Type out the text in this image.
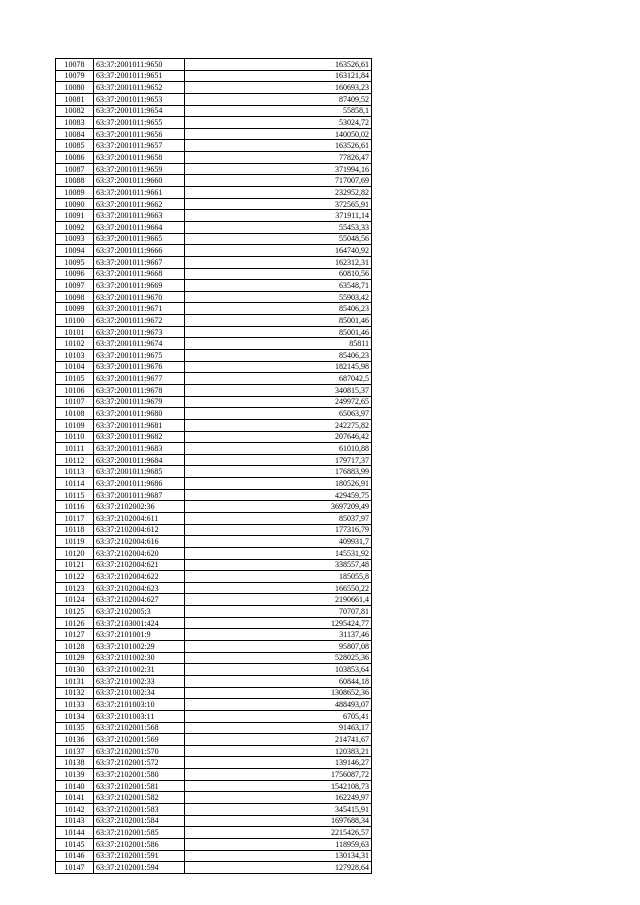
10078	63:37:2001011:9650	163526,61
10079	63:37:2001011:9651	163121,84
10080	63:37:2001011:9652	160693,23
10081	63:37:2001011:9653	87409,52
10082	63:37:2001011:9654	55858,1
10083	63:37:2001011:9655	53024,72
10084	63:37:2001011:9656	140050,02
10085	63:37:2001011:9657	163526,61
10086	63:37:2001011:9658	77826,47
10087	63:37:2001011:9659	371994,16
10088	63:37:2001011:9660	717007,69
10089	63:37:2001011:9661	232952,82
10090	63:37:2001011:9662	372565,91
10091	63:37:2001011:9663	371911,14
10092	63:37:2001011:9664	55453,33
10093	63:37:2001011:9665	55048,56
10094	63:37:2001011:9666	164740,92
10095	63:37:2001011:9667	162312,31
10096	63:37:2001011:9668	60810,56
10097	63:37:2001011:9669	63548,71
10098	63:37:2001011:9670	55903,42
10099	63:37:2001011:9671	85406,23
10100	63:37:2001011:9672	85001,46
10101	63:37:2001011:9673	85001,46
10102	63:37:2001011:9674	85811
10103	63:37:2001011:9675	85406,23
10104	63:37:2001011:9676	182145,98
10105	63:37:2001011:9677	687042,5
10106	63:37:2001011:9678	340815,37
10107	63:37:2001011:9679	249972,65
10108	63:37:2001011:9680	65063,97
10109	63:37:2001011:9681	242275,82
10110	63:37:2001011:9682	207646,42
10111	63:37:2001011:9683	61010,88
10112	63:37:2001011:9684	179717,37
10113	63:37:2001011:9685	176883,99
10114	63:37:2001011:9686	180526,91
10115	63:37:2001011:9687	429459,75
10116	63:37:2102002:36	3697209,49
10117	63:37:2102004:611	85037,97
10118	63:37:2102004:612	177316,79
10119	63:37:2102004:616	409931,7
10120	63:37:2102004:620	145531,92
10121	63:37:2102004:621	338557,48
10122	63:37:2102004:622	185055,8
10123	63:37:2102004:623	166550,22
10124	63:37:2102004:627	2190661,4
10125	63:37:2102005:3	70707,81
10126	63:37:2103001:424	1295424,77
10127	63:37:2101001:9	31137,46
10128	63:37:2101002:29	95807,08
10129	63:37:2101002:30	528025,36
10130	63:37:2101002:31	103853,64
10131	63:37:2101002:33	60844,18
10132	63:37:2101002:34	1308652,36
10133	63:37:2101003:10	488493,07
10134	63:37:2101003:11	6705,41
10135	63:37:2102001:568	91463,17
10136	63:37:2102001:569	214741,67
10137	63:37:2102001:570	120383,21
10138	63:37:2102001:572	139146,27
10139	63:37:2102001:580	1756087,72
10140	63:37:2102001:581	1542108,73
10141	63:37:2102001:582	162249,97
10142	63:37:2102001:583	345415,91
10143	63:37:2102001:584	1697688,34
10144	63:37:2102001:585	2215426,57
10145	63:37:2102001:586	118959,63
10146	63:37:2102001:591	130134,31
10147	63:37:2102001:594	127928,64
